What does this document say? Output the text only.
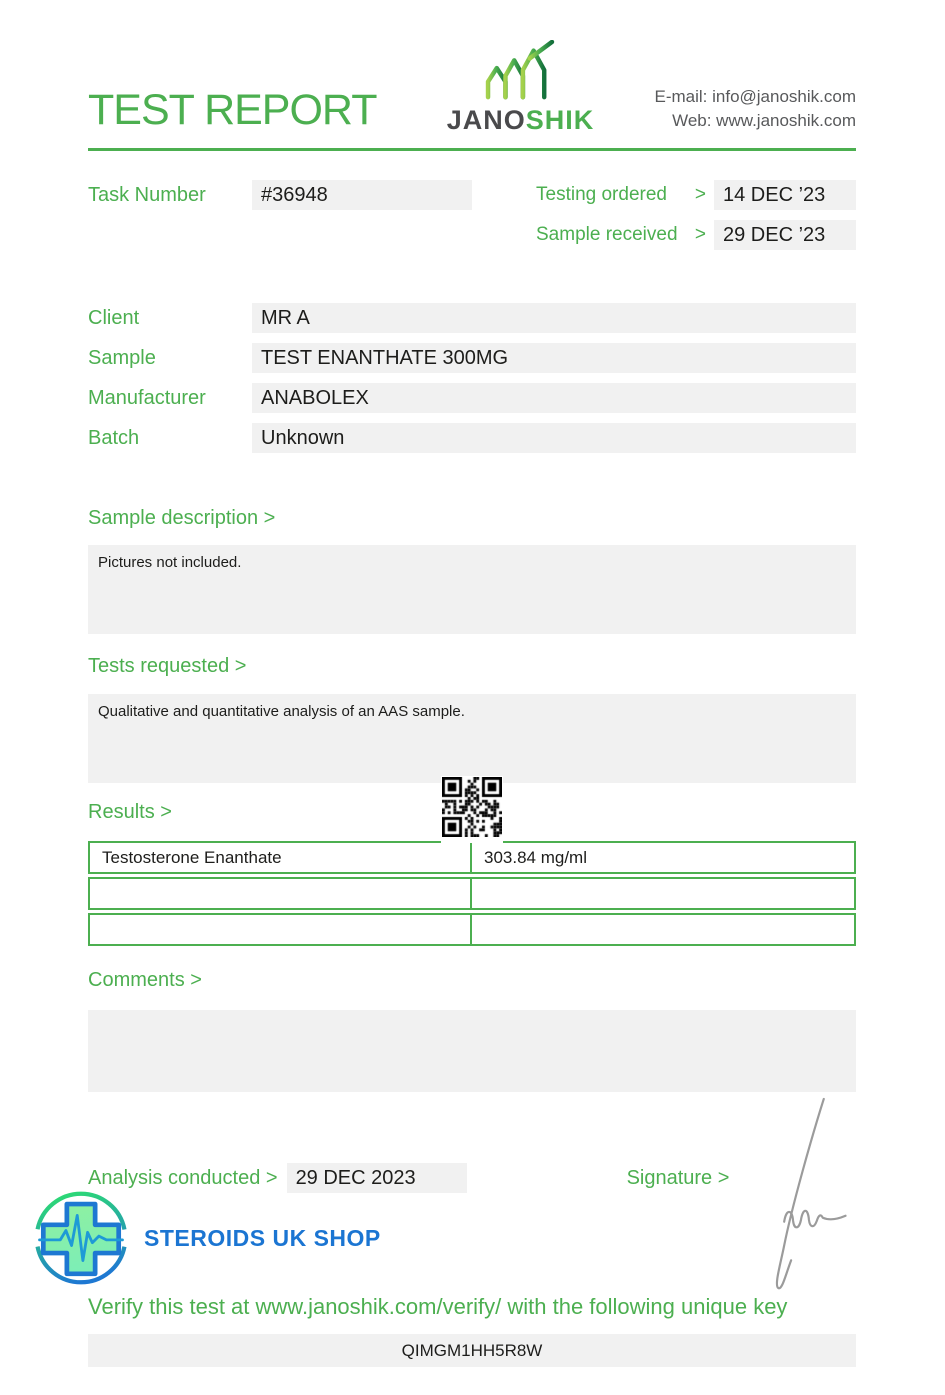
TEST REPORT	JANOSHIK
E-mail: info@janoshik.com
Web: www.janoshik.com
Task Number	#36948	Testing ordered > 14 DEC ’23
Sample received > 29 DEC ’23
Client	MR A
Sample	TEST ENANTHATE 300MG
Manufacturer	ANABOLEX
Batch	Unknown
Sample description >
Pictures not included.
Tests requested >
Qualitative and quantitative analysis of an AAS sample.
Results >
Testosterone Enanthate	303.84 mg/ml
Comments >
Analysis conducted > 29 DEC 2023	Signature >
STEROIDS UK SHOP
Verify this test at www.janoshik.com/verify/ with the following unique key
QIMGM1HH5R8W
